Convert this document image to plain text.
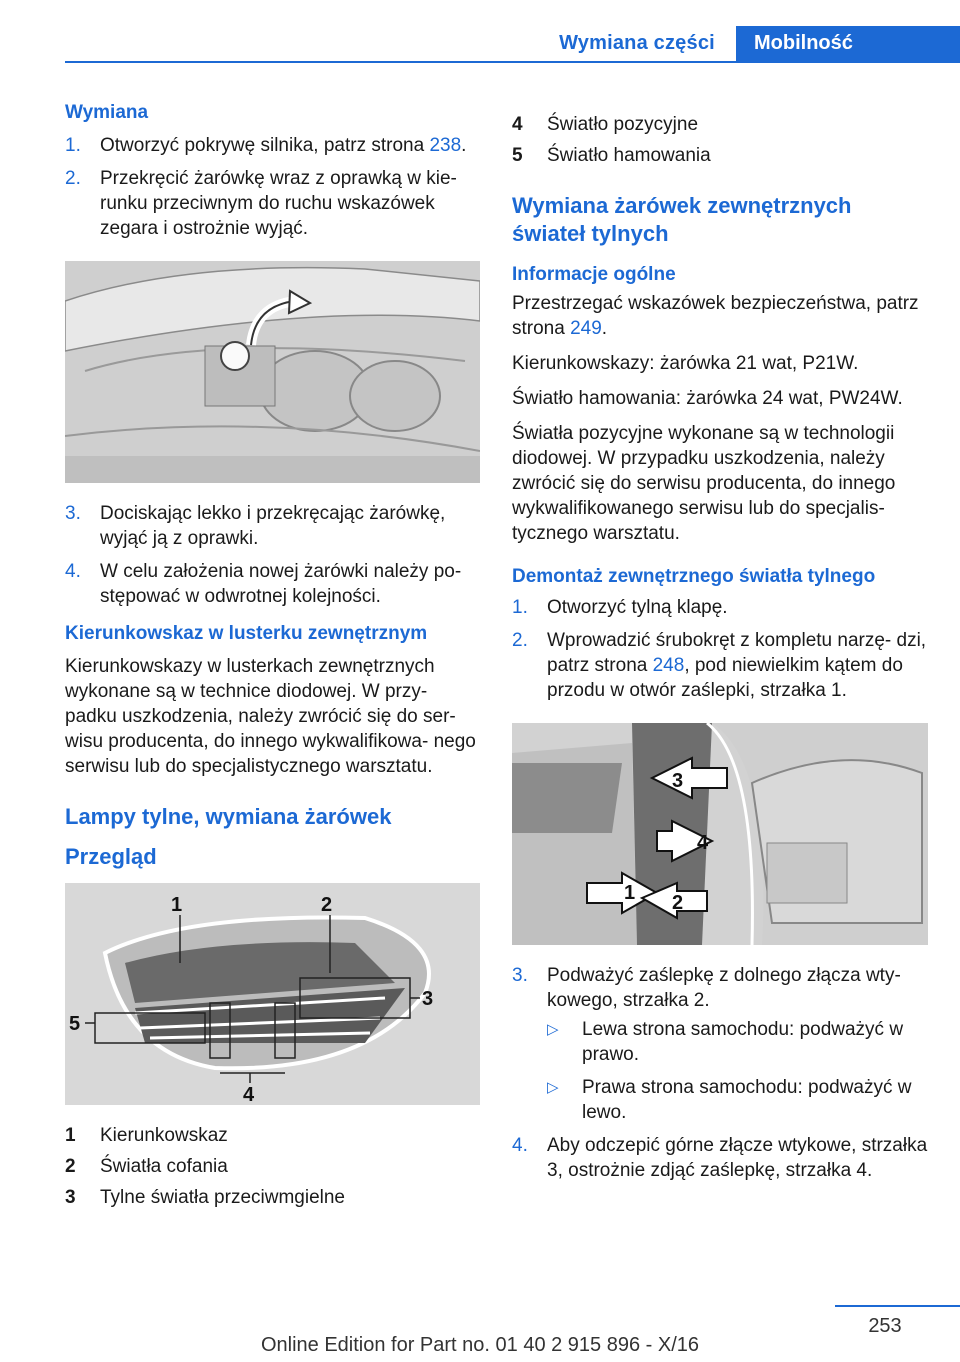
Wymiana części	Mobilność
Wymiana
1. Otworzyć pokrywę silnika, patrz strona 238.
2. Przekręcić żarówkę wraz z oprawką w kie- runku przeciwnym do ruchu wskazówek zegara i ostrożnie wyjąć.
3. Dociskając lekko i przekręcając żarówkę, wyjąć ją z oprawki.
4. W celu założenia nowej żarówki należy po- stępować w odwrotnej kolejności.
Kierunkowskaz w lusterku zewnętrznym

Kierunkowskazy w lusterkach zewnętrznych wykonane są w technice diodowej. W przy- padku uszkodzenia, należy zwrócić się do ser- wisu producenta, do innego wykwalifikowa- nego serwisu lub do specjalistycznego warsztatu.

Lampy tylne, wymiana żarówek
Przegląd
1	2
3
4
5
1	Kierunkowskaz
2	Światła cofania
3	Tylne światła przeciwmgielne
4	Światło pozycyjne
5	Światło hamowania
Wymiana żarówek zewnętrznych świateł tylnych
Informacje ogólne

Przestrzegać wskazówek bezpieczeństwa, patrz strona 249.

Kierunkowskazy: żarówka 21 wat, P21W.

Światło hamowania: żarówka 24 wat, PW24W.

Światła pozycyjne wykonane są w technologii diodowej. W przypadku uszkodzenia, należy zwrócić się do serwisu producenta, do innego wykwalifikowanego serwisu lub do specjalis- tycznego warsztatu.

Demontaż zewnętrznego światła tylnego
1. Otworzyć tylną klapę.
2. Wprowadzić śrubokręt z kompletu narzę- dzi, patrz strona 248, pod niewielkim kątem do przodu w otwór zaślepki, strzałka 1.
3
4
1 2
3. Podważyć zaślepkę z dolnego złącza wty- kowego, strzałka 2.
▷ Lewa strona samochodu: podważyć w prawo.
▷ Prawa strona samochodu: podważyć w lewo.
4. Aby odczepić górne złącze wtykowe, strzałka 3, ostrożnie zdjąć zaślepkę, strzałka 4.
253
Online Edition for Part no. 01 40 2 915 896 - X/16
